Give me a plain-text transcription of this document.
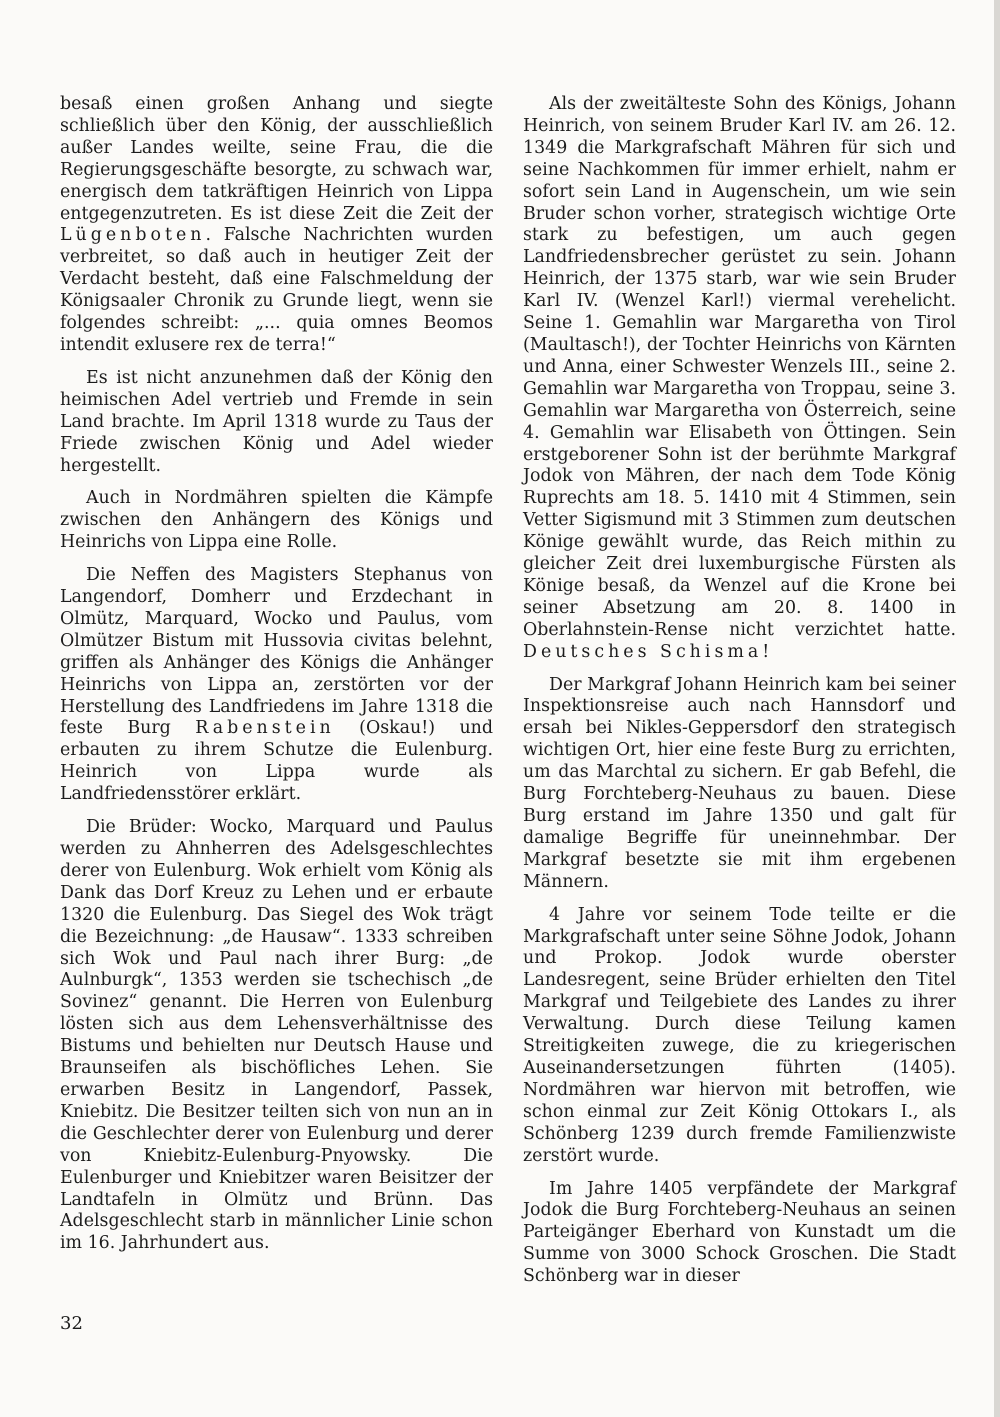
besaß einen großen Anhang und siegte schließlich über den König, der ausschließlich außer Landes weilte, seine Frau, die die Regierungsgeschäfte besorgte, zu schwach war, energisch dem tatkräftigen Heinrich von Lippa entgegenzutreten. Es ist diese Zeit die Zeit der Lügenboten. Falsche Nachrichten wurden verbreitet, so daß auch in heutiger Zeit der Verdacht besteht, daß eine Falschmeldung der Königsaaler Chronik zu Grunde liegt, wenn sie folgendes schreibt: „... quia omnes Beomos intendit exlusere rex de terra!“

Es ist nicht anzunehmen daß der König den heimischen Adel vertrieb und Fremde in sein Land brachte. Im April 1318 wurde zu Taus der Friede zwischen König und Adel wieder hergestellt.

Auch in Nordmähren spielten die Kämpfe zwischen den Anhängern des Königs und Heinrichs von Lippa eine Rolle.

Die Neffen des Magisters Stephanus von Langendorf, Domherr und Erzdechant in Olmütz, Marquard, Wocko und Paulus, vom Olmützer Bistum mit Hussovia civitas belehnt, griffen als Anhänger des Königs die Anhänger Heinrichs von Lippa an, zerstörten vor der Herstellung des Landfriedens im Jahre 1318 die feste Burg Rabenstein (Oskau!) und erbauten zu ihrem Schutze die Eulenburg. Heinrich von Lippa wurde als Landfriedensstörer erklärt.

Die Brüder: Wocko, Marquard und Paulus werden zu Ahnherren des Adelsgeschlechtes derer von Eulenburg. Wok erhielt vom König als Dank das Dorf Kreuz zu Lehen und er erbaute 1320 die Eulenburg. Das Siegel des Wok trägt die Bezeichnung: „de Hausaw“. 1333 schreiben sich Wok und Paul nach ihrer Burg: „de Aulnburgk“, 1353 werden sie tschechisch „de Sovinez“ genannt. Die Herren von Eulenburg lösten sich aus dem Lehensverhältnisse des Bistums und behielten nur Deutsch Hause und Braunseifen als bischöfliches Lehen. Sie erwarben Besitz in Langendorf, Passek, Kniebitz. Die Besitzer teilten sich von nun an in die Geschlechter derer von Eulenburg und derer von Kniebitz-Eulenburg-Pnyowsky. Die Eulenburger und Kniebitzer waren Beisitzer der Landtafeln in Olmütz und Brünn. Das Adelsgeschlecht starb in männlicher Linie schon im 16. Jahrhundert aus.

Als der zweitälteste Sohn des Königs, Johann Heinrich, von seinem Bruder Karl IV. am 26. 12. 1349 die Markgrafschaft Mähren für sich und seine Nachkommen für immer erhielt, nahm er sofort sein Land in Augenschein, um wie sein Bruder schon vorher, strategisch wichtige Orte stark zu befestigen, um auch gegen Landfriedensbrecher gerüstet zu sein. Johann Heinrich, der 1375 starb, war wie sein Bruder Karl IV. (Wenzel Karl!) viermal verehelicht. Seine 1. Gemahlin war Margaretha von Tirol (Maultasch!), der Tochter Heinrichs von Kärnten und Anna, einer Schwester Wenzels III., seine 2. Gemahlin war Margaretha von Troppau, seine 3. Gemahlin war Margaretha von Österreich, seine 4. Gemahlin war Elisabeth von Öttingen. Sein erstgeborener Sohn ist der berühmte Markgraf Jodok von Mähren, der nach dem Tode König Ruprechts am 18. 5. 1410 mit 4 Stimmen, sein Vetter Sigismund mit 3 Stimmen zum deutschen Könige gewählt wurde, das Reich mithin zu gleicher Zeit drei luxemburgische Fürsten als Könige besaß, da Wenzel auf die Krone bei seiner Absetzung am 20. 8. 1400 in Oberlahnstein-Rense nicht verzichtet hatte. Deutsches Schisma!

Der Markgraf Johann Heinrich kam bei seiner Inspektionsreise auch nach Hannsdorf und ersah bei Nikles-Geppersdorf den strategisch wichtigen Ort, hier eine feste Burg zu errichten, um das Marchtal zu sichern. Er gab Befehl, die Burg Forchteberg-Neuhaus zu bauen. Diese Burg erstand im Jahre 1350 und galt für damalige Begriffe für uneinnehmbar. Der Markgraf besetzte sie mit ihm ergebenen Männern.

4 Jahre vor seinem Tode teilte er die Markgrafschaft unter seine Söhne Jodok, Johann und Prokop. Jodok wurde oberster Landesregent, seine Brüder erhielten den Titel Markgraf und Teilgebiete des Landes zu ihrer Verwaltung. Durch diese Teilung kamen Streitigkeiten zuwege, die zu kriegerischen Auseinandersetzungen führten (1405). Nordmähren war hiervon mit betroffen, wie schon einmal zur Zeit König Ottokars I., als Schönberg 1239 durch fremde Familienzwiste zerstört wurde.

Im Jahre 1405 verpfändete der Markgraf Jodok die Burg Forchteberg-Neuhaus an seinen Parteigänger Eberhard von Kunstadt um die Summe von 3000 Schock Groschen. Die Stadt Schönberg war in dieser

32
